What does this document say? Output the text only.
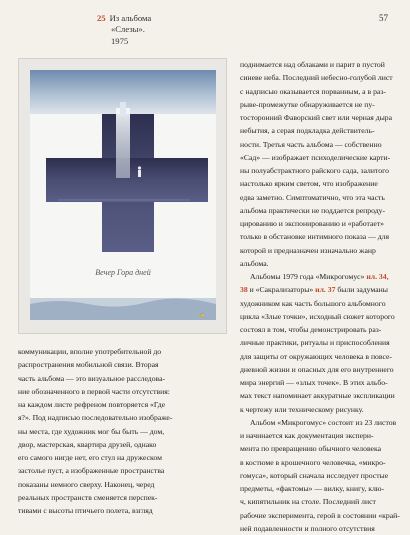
25 Из альбома
«Слезы».
1975
57
✍
Вечер Гора дней
поднимается над облаками и парит в пустой
синеве неба. Последний небесно-голубой лист
с надписью оказывается порванным, а в раз-
рыве-промежутке обнаруживается не пу-
тосторонний Фаворский свет или черная дыра
небытия, а серая подкладка действитель-
ности. Третья часть альбома — собственно
«Сад» — изображает психоделические карти-
ны полуабстрактного райского сада, залитого
настолько ярким светом, что изображение
едва заметно. Симптоматично, что эта часть
альбома практически не поддается репроду-
цированию и экспонированию и «работает»
только в обстановке интимного показа — для
которой и предназначен изначально жанр
альбома.
Альбомы 1979 года «Микрогомус» ил. 34,
38 и «Сакрализаторы» ил. 37 были задуманы
художником как часть большого альбомного
цикла «Злые точки», исходный сюжет которого
состоял в том, чтобы демонстрировать раз-
личные практики, ритуалы и приспособления
для защиты от окружающих человека в повсе-
дневной жизни и опасных для его внутреннего
мира энергий — «злых точек». В этих альбо-
мах текст напоминает аккуратные экспликации
к чертежу или техническому рисунку.
Альбом «Микрогомус» состоит из 23 листов
и начинается как документация экспери-
мента по превращению обычного человека
в костюме в крошечного человечка, «микро-
гомуса», который сначала исследует простые
предметы, «фактомы» — вилку, книгу, клю-
ч, кипятильник на столе. Последний лист
рабочие эксперимента, герой в состоянии «край-
ней подавленности и полного отсутствия
коммуникации, вполне употребительной до
распространения мобильной связи. Вторая
часть альбома — это визуальное расследова-
ние обозначенного в первой части отсутствия:
на каждом листе рефреном повторяется «Где
я?». Под надписью последовательно изображе-
ны места, где художник мог бы быть — дом,
двор, мастерская, квартира друзей, однако
его самого нигде нет, его стул на дружеском
застолье пуст, а изображенные пространства
показаны немного сверху. Наконец, черед
реальных пространств сменяется перспек-
тивами с высоты птичьего полета, взгляд
